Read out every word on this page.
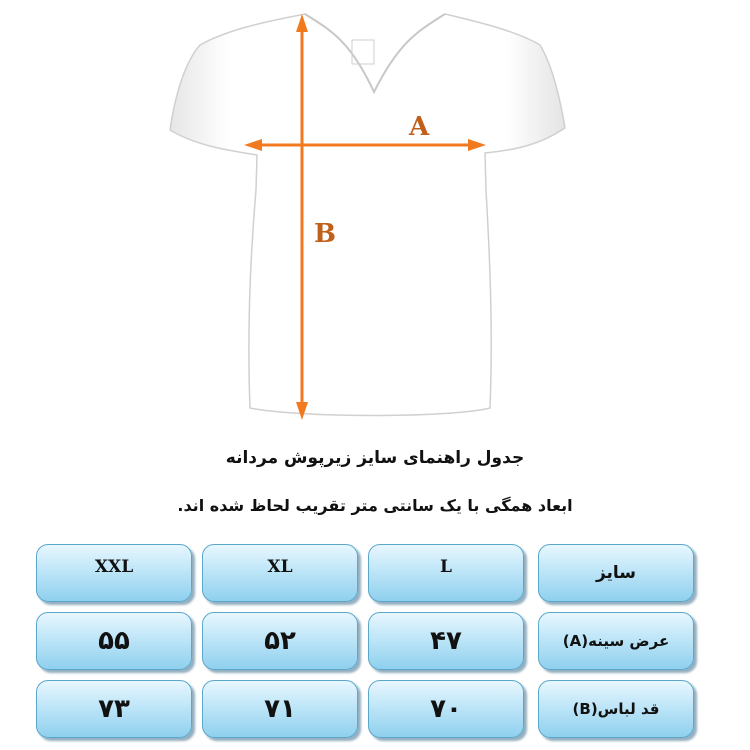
A
B
جدول راهنمای سایز زیرپوش مردانه
ابعاد همگی با یک سانتی متر تقریب لحاظ شده اند.
XXL	XL	L	سایز
۵۵	۵۲	۴۷	عرض سینه(A)
۷۳	۷۱	۷۰	قد لباس(B)
